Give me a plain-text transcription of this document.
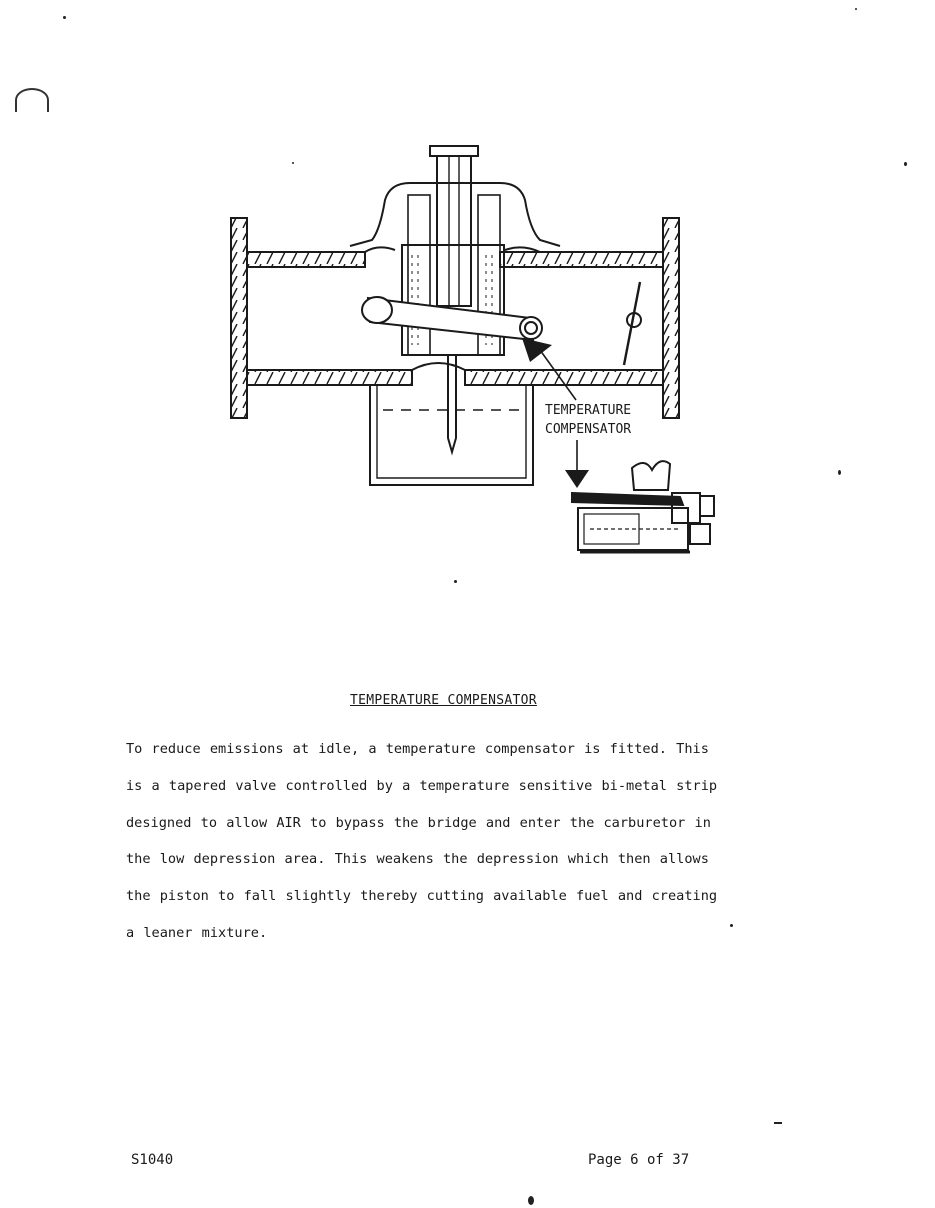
TEMPERATURE
COMPENSATOR
TEMPERATURE COMPENSATOR
To reduce emissions at idle, a temperature compensator is fitted. This
is a tapered valve controlled by a temperature sensitive bi-metal strip
designed to allow AIR to bypass the bridge and enter the carburetor in
the low depression area. This weakens the depression which then allows
the piston to fall slightly thereby cutting available fuel and creating
a leaner mixture.
S1040	Page 6 of 37
